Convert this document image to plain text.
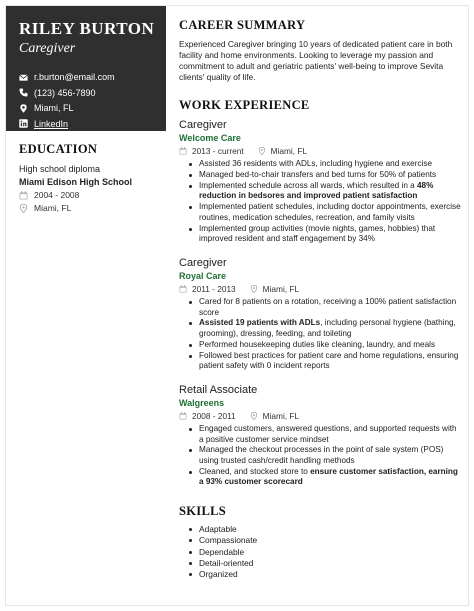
RILEY BURTON
Caregiver
r.burton@email.com
(123) 456-7890
Miami, FL
LinkedIn
EDUCATION
High school diploma
Miami Edison High School
2004 - 2008
Miami, FL
CAREER SUMMARY
Experienced Caregiver bringing 10 years of dedicated patient care in both facility and home environments. Looking to leverage my passion and commitment to adult and geriatric patients' well-being to improve Sevita clients' quality of life.
WORK EXPERIENCE
Caregiver
Welcome Care
2013 - current	Miami, FL
Assisted 36 residents with ADLs, including hygiene and exercise
Managed bed-to-chair transfers and bed turns for 50% of patients
Implemented schedule across all wards, which resulted in a 48% reduction in bedsores and improved patient satisfaction
Implemented patient schedules, including doctor appointments, exercise routines, medication schedules, recreation, and family visits
Implemented group activities (movie nights, games, hobbies) that improved resident and staff engagement by 34%
Caregiver
Royal Care
2011 - 2013	Miami, FL
Cared for 8 patients on a rotation, receiving a 100% patient satisfaction score
Assisted 19 patients with ADLs, including personal hygiene (bathing, grooming), dressing, feeding, and toileting
Performed housekeeping duties like cleaning, laundry, and meals
Followed best practices for patient care and home regulations, ensuring patient safety with 0 incident reports
Retail Associate
Walgreens
2008 - 2011	Miami, FL
Engaged customers, answered questions, and supported requests with a positive customer service mindset
Managed the checkout processes in the point of sale system (POS) using trusted cash/credit handling methods
Cleaned, and stocked store to ensure customer satisfaction, earning a 93% customer scorecard
SKILLS
Adaptable
Compassionate
Dependable
Detail-oriented
Organized
